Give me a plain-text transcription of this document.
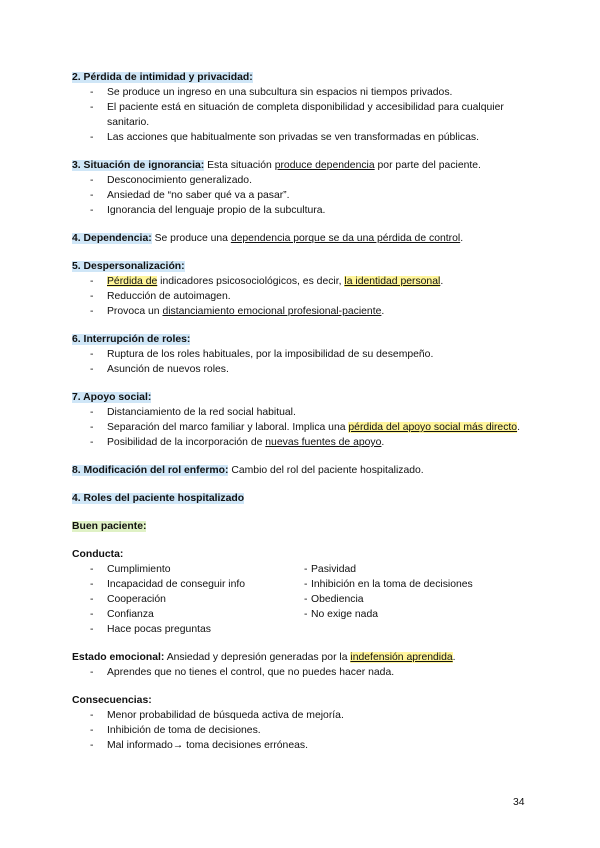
2. Pérdida de intimidad y privacidad:
- Se produce un ingreso en una subcultura sin espacios ni tiempos privados.
- El paciente está en situación de completa disponibilidad y accesibilidad para cualquier sanitario.
- Las acciones que habitualmente son privadas se ven transformadas en públicas.
3. Situación de ignorancia: Esta situación produce dependencia por parte del paciente.
- Desconocimiento generalizado.
- Ansiedad de “no saber qué va a pasar”.
- Ignorancia del lenguaje propio de la subcultura.
4. Dependencia: Se produce una dependencia porque se da una pérdida de control.
5. Despersonalización:
- Pérdida de indicadores psicosociológicos, es decir, la identidad personal.
- Reducción de autoimagen.
- Provoca un distanciamiento emocional profesional-paciente.
6. Interrupción de roles:
- Ruptura de los roles habituales, por la imposibilidad de su desempeño.
- Asunción de nuevos roles.
7. Apoyo social:
- Distanciamiento de la red social habitual.
- Separación del marco familiar y laboral. Implica una pérdida del apoyo social más directo.
- Posibilidad de la incorporación de nuevas fuentes de apoyo.
8. Modificación del rol enfermo: Cambio del rol del paciente hospitalizado.
4. Roles del paciente hospitalizado
Buen paciente:
Conducta:
- Cumplimiento
- Incapacidad de conseguir info
- Cooperación
- Confianza
- Hace pocas preguntas
- Pasividad
- Inhibición en la toma de decisiones
- Obediencia
- No exige nada
Estado emocional: Ansiedad y depresión generadas por la indefensión aprendida.
- Aprendes que no tienes el control, que no puedes hacer nada.
Consecuencias:
- Menor probabilidad de búsqueda activa de mejoría.
- Inhibición de toma de decisiones.
- Mal informado→ toma decisiones erróneas.
34
